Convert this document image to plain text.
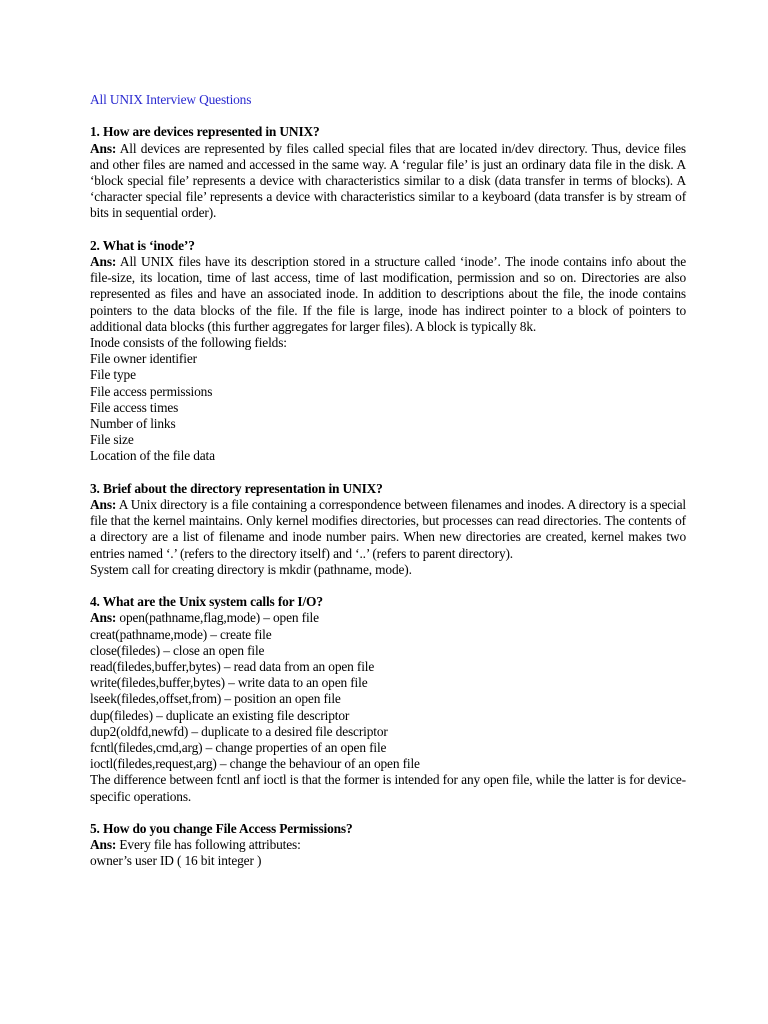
All UNIX Interview Questions

1. How are devices represented in UNIX?

Ans: All devices are represented by files called special files that are located in/dev directory. Thus, device files and other files are named and accessed in the same way. A ‘regular file’ is just an ordinary data file in the disk. A ‘block special file’ represents a device with characteristics similar to a disk (data transfer in terms of blocks). A ‘character special file’ represents a device with characteristics similar to a keyboard (data transfer is by stream of bits in sequential order).

2. What is ‘inode’?

Ans: All UNIX files have its description stored in a structure called ‘inode’. The inode contains info about the file-size, its location, time of last access, time of last modification, permission and so on. Directories are also represented as files and have an associated inode. In addition to descriptions about the file, the inode contains pointers to the data blocks of the file. If the file is large, inode has indirect pointer to a block of pointers to additional data blocks (this further aggregates for larger files). A block is typically 8k.

Inode consists of the following fields:

File owner identifier

File type

File access permissions

File access times

Number of links

File size

Location of the file data

3. Brief about the directory representation in UNIX?

Ans: A Unix directory is a file containing a correspondence between filenames and inodes. A directory is a special file that the kernel maintains. Only kernel modifies directories, but processes can read directories. The contents of a directory are a list of filename and inode number pairs. When new directories are created, kernel makes two entries named ‘.’ (refers to the directory itself) and ‘..’ (refers to parent directory).

System call for creating directory is mkdir (pathname, mode).

4. What are the Unix system calls for I/O?

Ans: open(pathname,flag,mode) – open file

creat(pathname,mode) – create file

close(filedes) – close an open file

read(filedes,buffer,bytes) – read data from an open file

write(filedes,buffer,bytes) – write data to an open file

lseek(filedes,offset,from) – position an open file

dup(filedes) – duplicate an existing file descriptor

dup2(oldfd,newfd) – duplicate to a desired file descriptor

fcntl(filedes,cmd,arg) – change properties of an open file

ioctl(filedes,request,arg) – change the behaviour of an open file

The difference between fcntl anf ioctl is that the former is intended for any open file, while the latter is for device-specific operations.

5. How do you change File Access Permissions?

Ans: Every file has following attributes:

owner’s user ID ( 16 bit integer )
